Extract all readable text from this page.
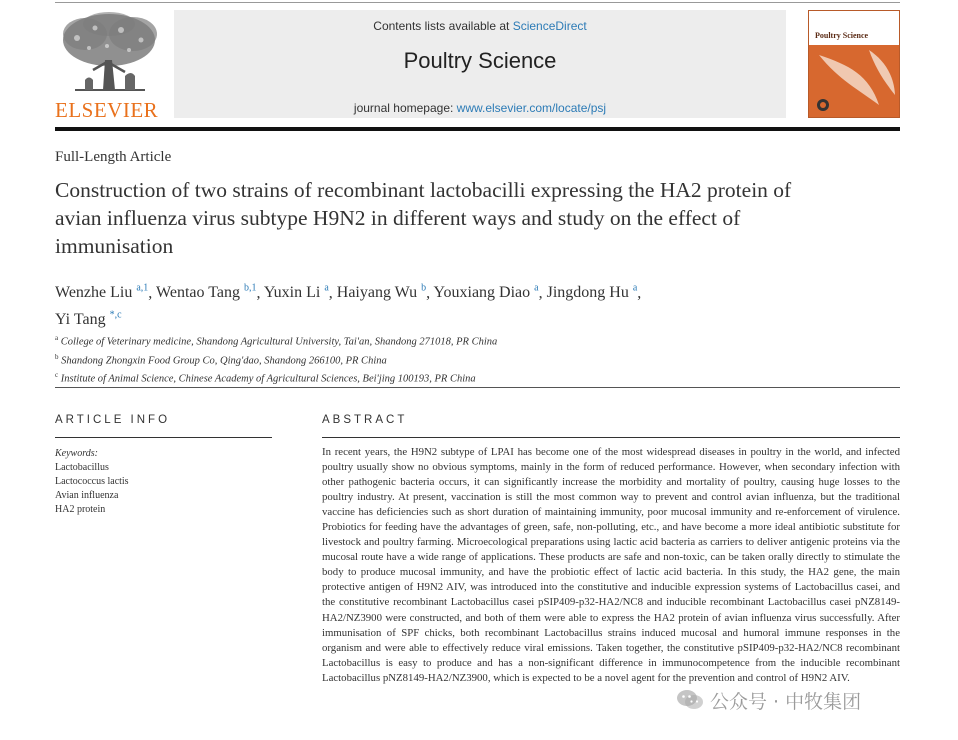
ELSEVIER
Contents lists available at ScienceDirect
Poultry Science
journal homepage: www.elsevier.com/locate/psj
Poultry Science
Full-Length Article
Construction of two strains of recombinant lactobacilli expressing the HA2 protein of avian influenza virus subtype H9N2 in different ways and study on the effect of immunisation
Wenzhe Liu $^{a,1}$, Wentao Tang $^{b,1}$, Yuxin Li $^a$, Haiyang Wu $^b$, Youxiang Diao $^a$, Jingdong Hu $^a$,
Yi Tang $^{*,c}$
$^a$ College of Veterinary medicine, Shandong Agricultural University, Tai'an, Shandong 271018, PR China
$^b$ Shandong Zhongxin Food Group Co, Qing'dao, Shandong 266100, PR China
$^c$ Institute of Animal Science, Chinese Academy of Agricultural Sciences, Bei'jing 100193, PR China
ARTICLE INFO
Keywords:
Lactobacillus
Lactococcus lactis
Avian influenza
HA2 protein
ABSTRACT

In recent years, the H9N2 subtype of LPAI has become one of the most widespread diseases in poultry in the world, and infected poultry usually show no obvious symptoms, mainly in the form of reduced performance. However, when secondary infection with other pathogenic bacteria occurs, it can significantly increase the morbidity and mortality of poultry, causing huge losses to the poultry industry. At present, vaccination is still the most common way to prevent and control avian influenza, but the traditional vaccine has deficiencies such as short duration of maintaining immunity, poor mucosal immunity and re-enforcement of virulence. Probiotics for feeding have the advantages of green, safe, non-polluting, etc., and have become a more ideal antibiotic substitute for livestock and poultry farming. Microecological preparations using lactic acid bacteria as carriers to deliver antigenic proteins via the mucosal route have a wide range of applications. These products are safe and non-toxic, can be taken orally directly to stimulate the body to produce mucosal immunity, and have the probiotic effect of lactic acid bacteria. In this study, the HA2 gene, the main protective antigen of H9N2 AIV, was introduced into the constitutive and inducible expression systems of Lactobacillus casei, and the constitutive recombinant Lactobacillus casei pSIP409-p32-HA2/NC8 and inducible recombinant Lactobacillus casei pNZ8149-HA2/NZ3900 were constructed, and both of them were able to express the HA2 protein of avian influenza virus successfully. After immunisation of SPF chicks, both recombinant Lactobacillus strains induced mucosal and humoral immune responses in the organism and were able to effectively reduce viral emissions. Taken together, the constitutive pSIP409-p32-HA2/NC8 recombinant Lactobacillus is easy to produce and has a non-significant difference in immunocompetence from the inducible recombinant Lactobacillus pNZ8149-HA2/NZ3900, which is expected to be a novel agent for the prevention and control of H9N2 AIV.

公众号 · 中牧集团
